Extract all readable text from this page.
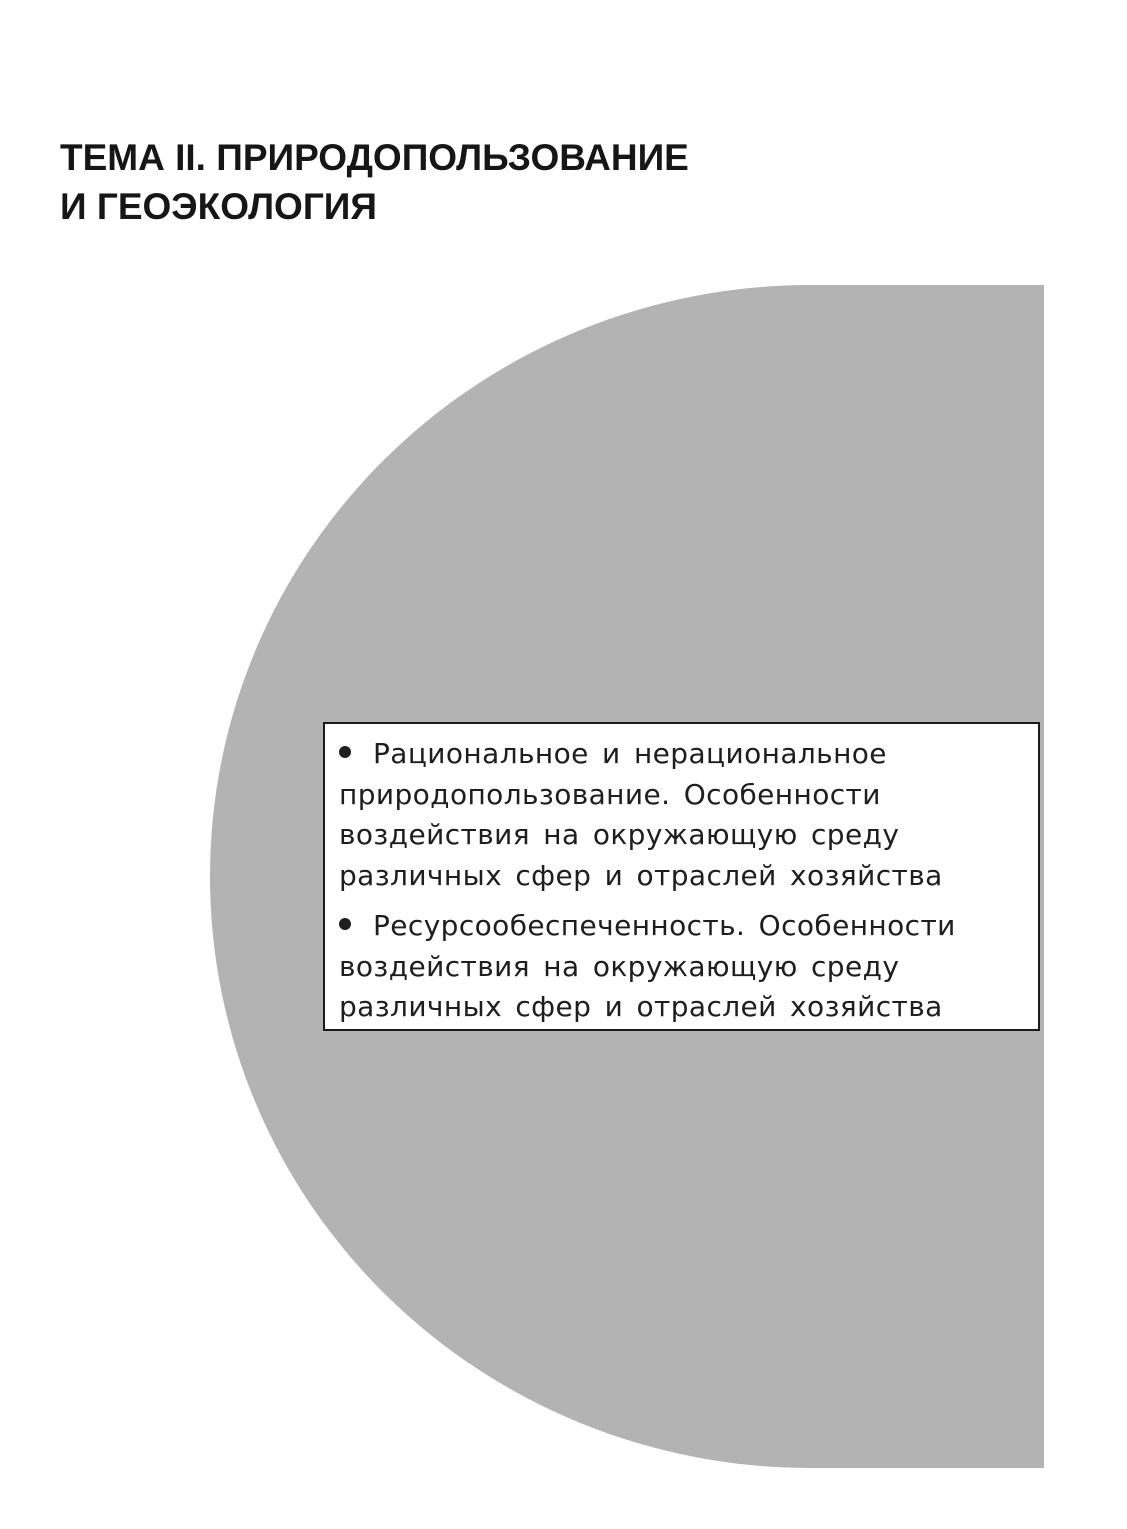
ТЕМА II. ПРИРОДОПОЛЬЗОВАНИЕ
И ГЕОЭКОЛОГИЯ
Рациональное и нерациональное
природопользование. Особенности
воздействия на окружающую среду
различных сфер и отраслей хозяйства
Ресурсообеспеченность. Особенности
воздействия на окружающую среду
различных сфер и отраслей хозяйства
